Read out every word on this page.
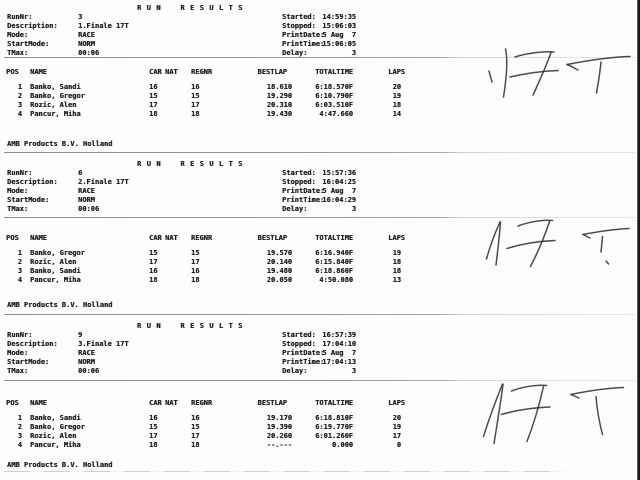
R U N    R E S U L T S
RunNr:	3
Description:	1.Finale 17T
Mode:	RACE
StartMode:	NORM
TMax:	00:06
Started: 14:59:35
Stopped: 15:06:03
PrintDate:
5 Aug  7
PrintTime:
15:06:05
Delay:	3
POS	NAME	CAR	NAT	REGNR	BESTLAP	TOTALTIME	LAPS
1	Banko, Sandi	16		16	18.610	6:18.570F	20
2	Banko, Gregor	15		15	19.290	6:10.790F	19
3	Rozic, Alen	17		17	20.310	6:03.510F	18
4	Pancur, Miha	18		18	19.430	4:47.660	14
AMB Products B.V. Holland
R U N    R E S U L T S
RunNr:	6
Description:	2.Finale 17T
Mode:	RACE
StartMode:	NORM
TMax:	00:06
Started: 15:57:36
Stopped: 16:04:25
PrintDate:
5 Aug  7
PrintTime:
16:04:29
Delay:	3
POS	NAME	CAR	NAT	REGNR	BESTLAP	TOTALTIME	LAPS
1	Banko, Gregor	15		15	19.570	6:16.940F	19
2	Rozic, Alen	17		17	20.140	6:15.840F	18
3	Banko, Sandi	16		16	19.480	6:18.860F	18
4	Pancur, Miha	18		18	20.050	4:50.080	13
AMB Products B.V. Holland
R U N    R E S U L T S
RunNr:	9
Description:	3.Finale 17T
Mode:	RACE
StartMode:	NORM
TMax:	00:06
Started: 16:57:39
Stopped: 17:04:10
PrintDate:
5 Aug  7
PrintTime:
17:04:13
Delay:	3
POS	NAME	CAR	NAT	REGNR	BESTLAP	TOTALTIME	LAPS
1	Banko, Sandi	16		16	19.170	6:18.810F	20
2	Banko, Gregor	15		15	19.390	6:19.770F	19
3	Rozic, Alen	17		17	20.260	6:01.260F	17
4	Pancur, Miha	18		18	--.---	0.000	0
AMB Products B.V. Holland
